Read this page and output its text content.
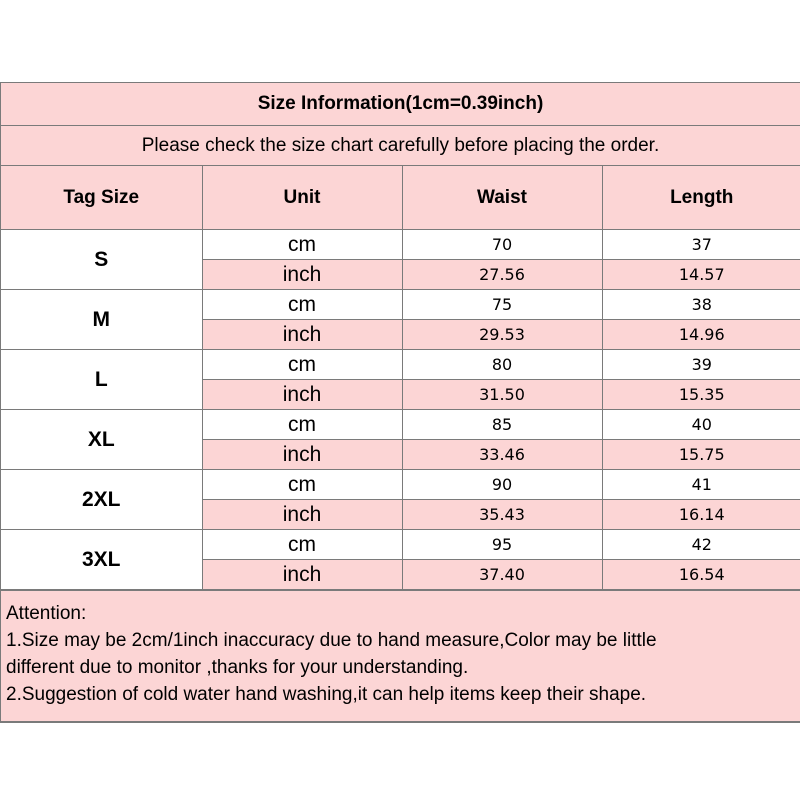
Size Information(1cm=0.39inch)
Please check the size chart carefully before placing the order.
Tag Size	Unit	Waist	Length
S	cm	70	37
	inch	27.56	14.57
M	cm	75	38
	inch	29.53	14.96
L	cm	80	39
	inch	31.50	15.35
XL	cm	85	40
	inch	33.46	15.75
2XL	cm	90	41
	inch	35.43	16.14
3XL	cm	95	42
	inch	37.40	16.54

Attention:

1.Size may be 2cm/1inch inaccuracy due to hand measure,Color may be little

different due to monitor ,thanks for your understanding.

2.Suggestion of cold water hand washing,it can help items keep their shape.
